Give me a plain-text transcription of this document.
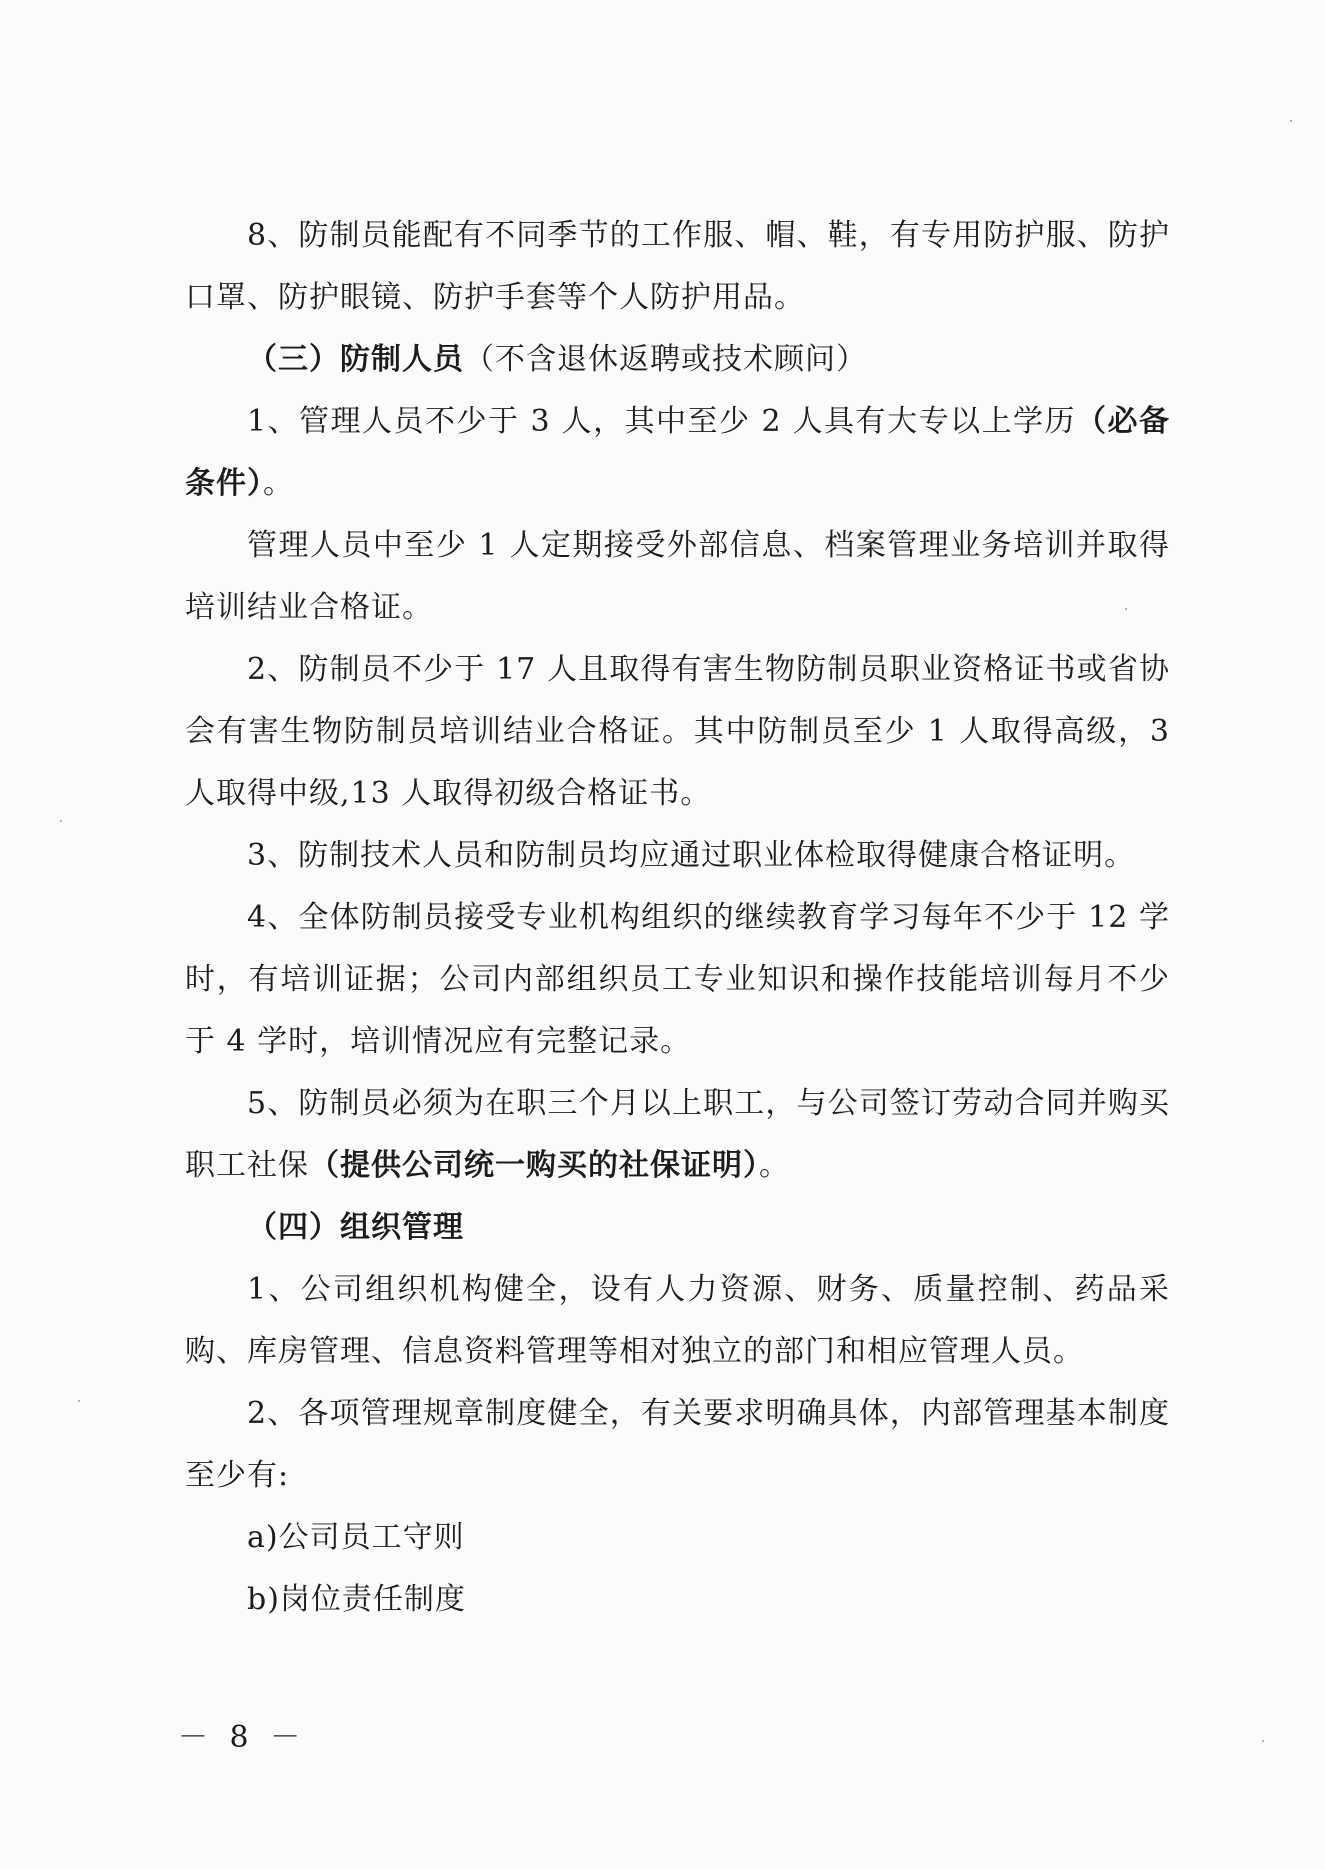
8、防制员能配有不同季节的工作服、帽、鞋，有专用防护服、防护口罩、防护眼镜、防护手套等个人防护用品。

（三）防制人员（不含退休返聘或技术顾问）

1、管理人员不少于 3 人，其中至少 2 人具有大专以上学历（必备条件）。

管理人员中至少 1 人定期接受外部信息、档案管理业务培训并取得培训结业合格证。

2、防制员不少于 17 人且取得有害生物防制员职业资格证书或省协会有害生物防制员培训结业合格证。其中防制员至少 1 人取得高级，3 人取得中级,13 人取得初级合格证书。

3、防制技术人员和防制员均应通过职业体检取得健康合格证明。

4、全体防制员接受专业机构组织的继续教育学习每年不少于 12 学时，有培训证据；公司内部组织员工专业知识和操作技能培训每月不少于 4 学时，培训情况应有完整记录。

5、防制员必须为在职三个月以上职工，与公司签订劳动合同并购买职工社保（提供公司统一购买的社保证明）。

（四）组织管理

1、公司组织机构健全，设有人力资源、财务、质量控制、药品采购、库房管理、信息资料管理等相对独立的部门和相应管理人员。

2、各项管理规章制度健全，有关要求明确具体，内部管理基本制度至少有:

a)公司员工守则

b)岗位责任制度

－ 8 －
